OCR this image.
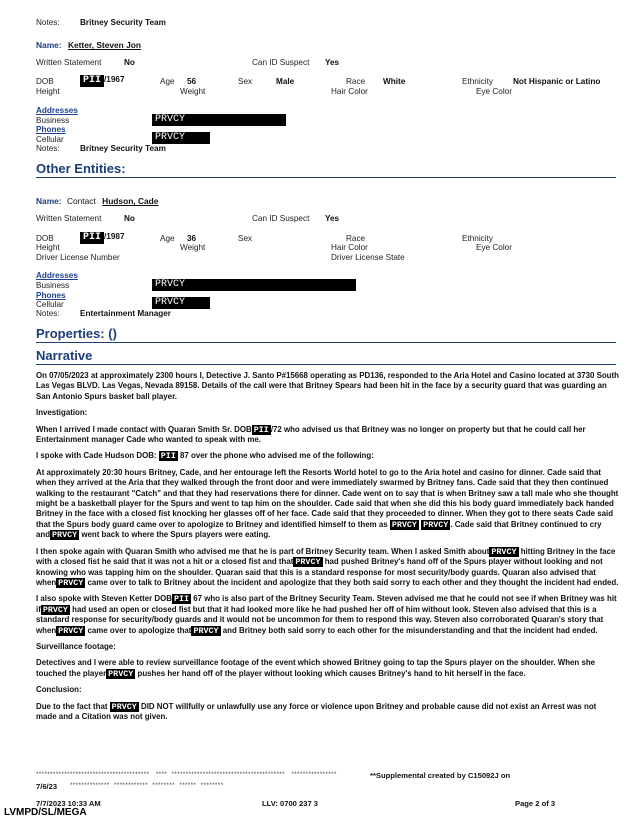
Notes: Britney Security Team
Name: Ketter, Steven Jon
Written Statement	No	Can ID Suspect Yes
DOB	PII /1967	Age 56	Sex	Male	Race White	Ethnicity Not Hispanic or Latino
Height	Weight	Hair Color	Eye Color
Addresses
Business	PRVCY
Phones
Cellular	PRVCY
Notes: Britney Security Team
Other Entities:
Name: Contact Hudson, Cade
Written Statement	No	Can ID Suspect Yes
DOB	PII /1987	Age 36	Sex	Race	Ethnicity
Height	Weight	Hair Color	Eye Color
Driver License Number	Driver License State
Addresses
Business	PRVCY
Phones
Cellular	PRVCY
Notes: Entertainment Manager
Properties: ()
Narrative

On 07/05/2023 at approximately 2300 hours I, Detective J. Santo P#15668 operating as PD136, responded to the Aria Hotel and Casino located at 3730 South Las Vegas BLVD. Las Vegas, Nevada 89158. Details of the call were that Britney Spears had been hit in the face by a security guard that was guarding an San Antonio Spurs basket ball player.

Investigation:

When I arrived I made contact with Quaran Smith Sr. DOB PII /72 who advised us that Britney was no longer on property but that he could call her Entertainment manager Cade who wanted to speak with me.

I spoke with Cade Hudson DOB: PII 87 over the phone who advised me of the following:

At approximately 20:30 hours Britney, Cade, and her entourage left the Resorts World hotel to go to the Aria hotel and casino for dinner. Cade said that when they arrived at the Aria that they walked through the front door and were immediately swarmed by Britney fans. Cade said that they then continued walking to the restaurant "Catch" and that they had reservations there for dinner. Cade went on to say that is when Britney saw a tall male who she thought might be a basketball player for the Spurs and went to tap him on the shoulder. Cade said that when she did this his body guard immediately back handed Britney in the face with a closed fist knocking her glasses off of her face. Cade said that they proceeded to dinner. When they got to there seats Cade said that the Spurs body guard came over to apologize to Britney and identified himself to them as PRVCY PRVCY . Cade said that Britney continued to cry and PRVCY went back to where the Spurs players were eating.

I then spoke again with Quaran Smith who advised me that he is part of Britney Security team. When I asked Smith about PRVCY hitting Britney in the face with a closed fist he said that it was not a hit or a closed fist and that PRVCY had pushed Britney's hand off of the Spurs player without looking and not knowing who was tapping him on the shoulder. Quaran said that this is a standard response for most security/body guards. Quaran also advised that when PRVCY came over to talk to Britney about the incident and apologize that they both said sorry to each other and they thought the incident had ended.

I also spoke with Steven Ketter DOB PII 67 who is also part of the Britney Security Team. Steven advised me that he could not see if when Britney was hit if PRVCY had used an open or closed fist but that it had looked more like he had pushed her off of him without look. Steven also advised that this is a standard response for security/body guards and it would not be uncommon for them to respond this way. Steven also corroborated Quaran's story that when PRVCY came over to apologize that PRVCY and Britney both said sorry to each other for the misunderstanding and that the incident had ended.

Surveillance footage:

Detectives and I were able to review surveillance footage of the event which showed Britney going to tap the Spurs player on the shoulder. When she touched the player PRVCY pushes her hand off of the player without looking which causes Britney's hand to hit herself in the face.

Conclusion:

Due to the fact that PRVCY DID NOT willfully or unlawfully use any force or violence upon Britney and probable cause did not exist an Arrest was not made and a Citation was not given.

****************************************   ****  ****************************************   ****************	**Supplemental created by C15092J on
7/6/23 **************  ************  ********  ******  ********
7/7/2023 10:33 AM	LLV: 0700 237 3	Page 2 of 3
LVMPD/SL/MEGA
